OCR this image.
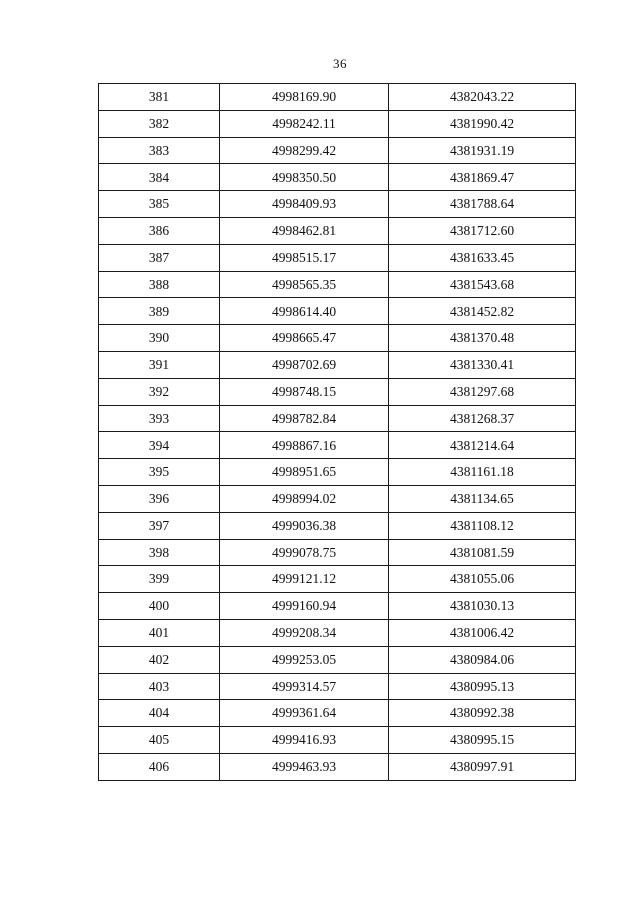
36
381	4998169.90	4382043.22
382	4998242.11	4381990.42
383	4998299.42	4381931.19
384	4998350.50	4381869.47
385	4998409.93	4381788.64
386	4998462.81	4381712.60
387	4998515.17	4381633.45
388	4998565.35	4381543.68
389	4998614.40	4381452.82
390	4998665.47	4381370.48
391	4998702.69	4381330.41
392	4998748.15	4381297.68
393	4998782.84	4381268.37
394	4998867.16	4381214.64
395	4998951.65	4381161.18
396	4998994.02	4381134.65
397	4999036.38	4381108.12
398	4999078.75	4381081.59
399	4999121.12	4381055.06
400	4999160.94	4381030.13
401	4999208.34	4381006.42
402	4999253.05	4380984.06
403	4999314.57	4380995.13
404	4999361.64	4380992.38
405	4999416.93	4380995.15
406	4999463.93	4380997.91
